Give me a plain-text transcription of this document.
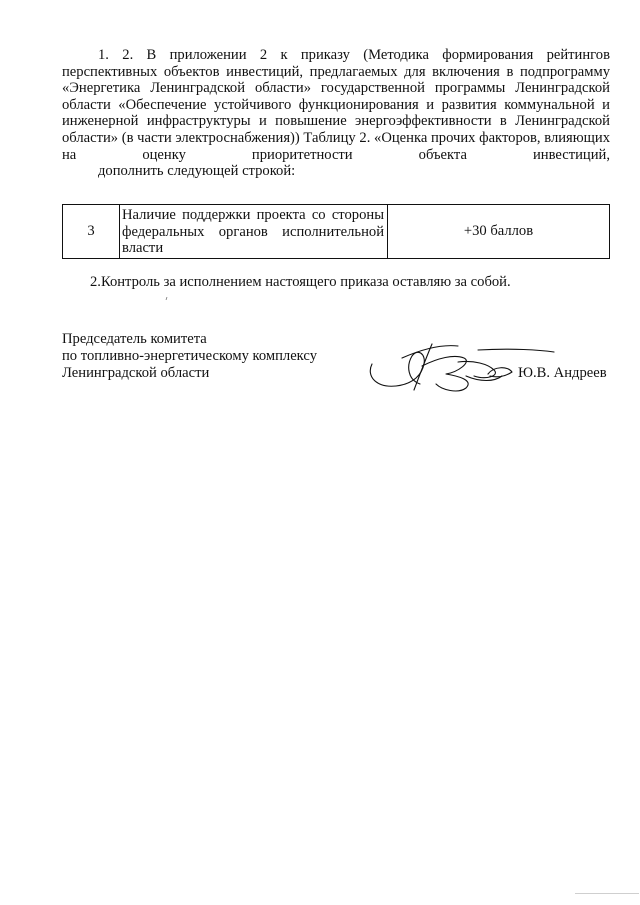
1. 2. В приложении 2 к приказу (Методика формирования рейтингов перспективных объектов инвестиций, предлагаемых для включения в подпрограмму «Энергетика Ленинградской области» государственной программы Ленинградской области «Обеспечение устойчивого функционирования и развития коммунальной и инженерной инфраструктуры и повышение энергоэффективности в Ленинградской области» (в части электроснабжения)) Таблицу 2. «Оценка прочих факторов, влияющих на оценку приоритетности объекта инвестиций,
дополнить следующей строкой:
3	Наличие поддержки проекта со стороны федеральных органов исполнительной власти	+30 баллов
2.Контроль за исполнением настоящего приказа оставляю за собой.
Председатель комитета
по топливно-энергетическому комплексу
Ленинградской области	Ю.В. Андреев
